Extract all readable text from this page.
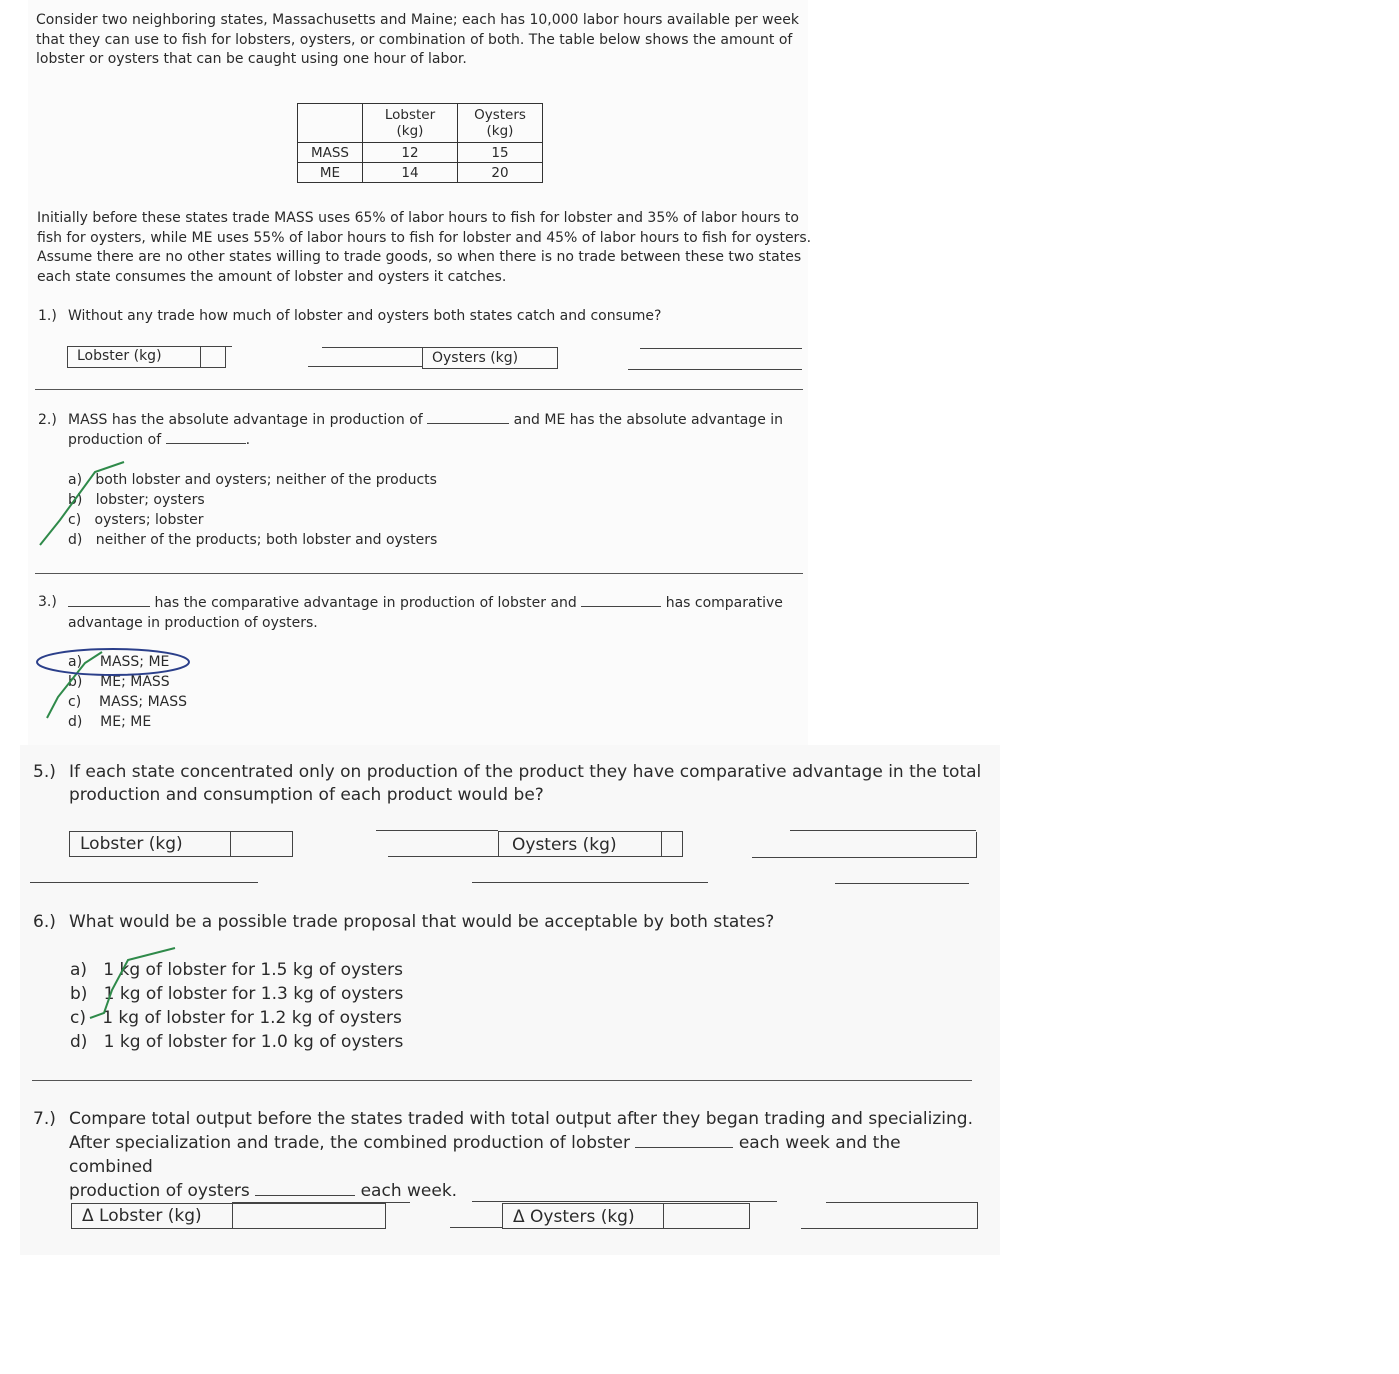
Consider two neighboring states, Massachusetts and Maine; each has 10,000 labor hours available per week that they can use to fish for lobsters, oysters, or combination of both. The table below shows the amount of lobster or oysters that can be caught using one hour of labor.
	Lobster
(kg)	Oysters
(kg)
MASS	12	15
ME	14	20
Initially before these states trade MASS uses 65% of labor hours to fish for lobster and 35% of labor hours to fish for oysters, while ME uses 55% of labor hours to fish for lobster and 45% of labor hours to fish for oysters. Assume there are no other states willing to trade goods, so when there is no trade between these two states each state consumes the amount of lobster and oysters it catches.
1.) Without any trade how much of lobster and oysters both states catch and consume?
Lobster (kg)	Oysters (kg)
2.) MASS has the absolute advantage in production of	and ME has the absolute advantage in
production of	.
a) both lobster and oysters; neither of the products
b) lobster; oysters
c) oysters; lobster
d) neither of the products; both lobster and oysters
3.)	has the comparative advantage in production of lobster and	has comparative
advantage in production of oysters.
a) MASS; ME
b) ME; MASS
c) MASS; MASS
d) ME; ME
5.) If each state concentrated only on production of the product they have comparative advantage in the total
production and consumption of each product would be?
Lobster (kg)	Oysters (kg)
6.) What would be a possible trade proposal that would be acceptable by both states?
a) 1 kg of lobster for 1.5 kg of oysters
b) 1 kg of lobster for 1.3 kg of oysters
c) 1 kg of lobster for 1.2 kg of oysters
d) 1 kg of lobster for 1.0 kg of oysters
7.) Compare total output before the states traded with total output after they began trading and specializing.
After specialization and trade, the combined production of lobster	each week and the combined
production of oysters	each week.
Δ Lobster (kg)	Δ Oysters (kg)
